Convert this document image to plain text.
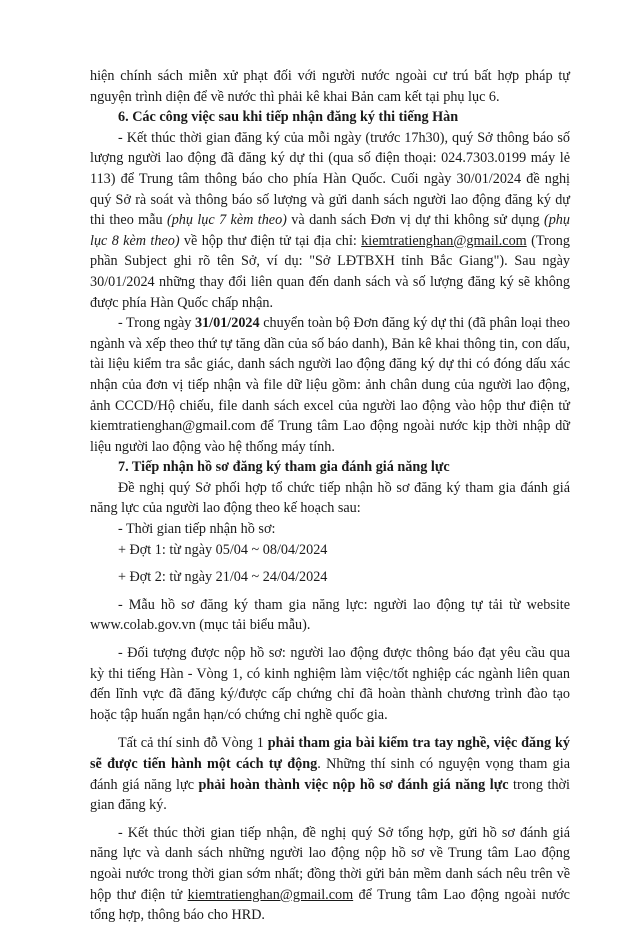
hiện chính sách miễn xử phạt đối với người nước ngoài cư trú bất hợp pháp tự nguyện trình diện để về nước thì phải kê khai Bản cam kết tại phụ lục 6.

6. Các công việc sau khi tiếp nhận đăng ký thi tiếng Hàn

- Kết thúc thời gian đăng ký của mỗi ngày (trước 17h30), quý Sở thông báo số lượng người lao động đã đăng ký dự thi (qua số điện thoại: 024.7303.0199 máy lẻ 113) để Trung tâm thông báo cho phía Hàn Quốc. Cuối ngày 30/01/2024 đề nghị quý Sở rà soát và thông báo số lượng và gửi danh sách người lao động đăng ký dự thi theo mẫu (phụ lục 7 kèm theo) và danh sách Đơn vị dự thi không sử dụng (phụ lục 8 kèm theo) về hộp thư điện tử tại địa chỉ: kiemtratienghan@gmail.com (Trong phần Subject ghi rõ tên Sở, ví dụ: "Sở LĐTBXH tỉnh Bắc Giang"). Sau ngày 30/01/2024 những thay đổi liên quan đến danh sách và số lượng đăng ký sẽ không được phía Hàn Quốc chấp nhận.

- Trong ngày 31/01/2024 chuyển toàn bộ Đơn đăng ký dự thi (đã phân loại theo ngành và xếp theo thứ tự tăng dần của số báo danh), Bản kê khai thông tin, con dấu, tài liệu kiểm tra sắc giác, danh sách người lao động đăng ký dự thi có đóng dấu xác nhận của đơn vị tiếp nhận và file dữ liệu gồm: ảnh chân dung của người lao động, ảnh CCCD/Hộ chiếu, file danh sách excel của người lao động vào hộp thư điện tử kiemtratienghan@gmail.com để Trung tâm Lao động ngoài nước kịp thời nhập dữ liệu người lao động vào hệ thống máy tính.

7. Tiếp nhận hồ sơ đăng ký tham gia đánh giá năng lực

Đề nghị quý Sở phối hợp tổ chức tiếp nhận hồ sơ đăng ký tham gia đánh giá năng lực của người lao động theo kế hoạch sau:

- Thời gian tiếp nhận hồ sơ:

+ Đợt 1: từ ngày 05/04 ~ 08/04/2024

+ Đợt 2: từ ngày 21/04 ~ 24/04/2024

- Mẫu hồ sơ đăng ký tham gia năng lực: người lao động tự tải từ website www.colab.gov.vn (mục tải biểu mẫu).

- Đối tượng được nộp hồ sơ: người lao động được thông báo đạt yêu cầu qua kỳ thi tiếng Hàn - Vòng 1, có kinh nghiệm làm việc/tốt nghiệp các ngành liên quan đến lĩnh vực đã đăng ký/được cấp chứng chỉ đã hoàn thành chương trình đào tạo hoặc tập huấn ngắn hạn/có chứng chỉ nghề quốc gia.

Tất cả thí sinh đỗ Vòng 1 phải tham gia bài kiểm tra tay nghề, việc đăng ký sẽ được tiến hành một cách tự động. Những thí sinh có nguyện vọng tham gia đánh giá năng lực phải hoàn thành việc nộp hồ sơ đánh giá năng lực trong thời gian đăng ký.

- Kết thúc thời gian tiếp nhận, đề nghị quý Sở tổng hợp, gửi hồ sơ đánh giá năng lực và danh sách những người lao động nộp hồ sơ về Trung tâm Lao động ngoài nước trong thời gian sớm nhất; đồng thời gửi bản mềm danh sách nêu trên về hộp thư điện tử kiemtratienghan@gmail.com để Trung tâm Lao động ngoài nước tổng hợp, thông báo cho HRD.
